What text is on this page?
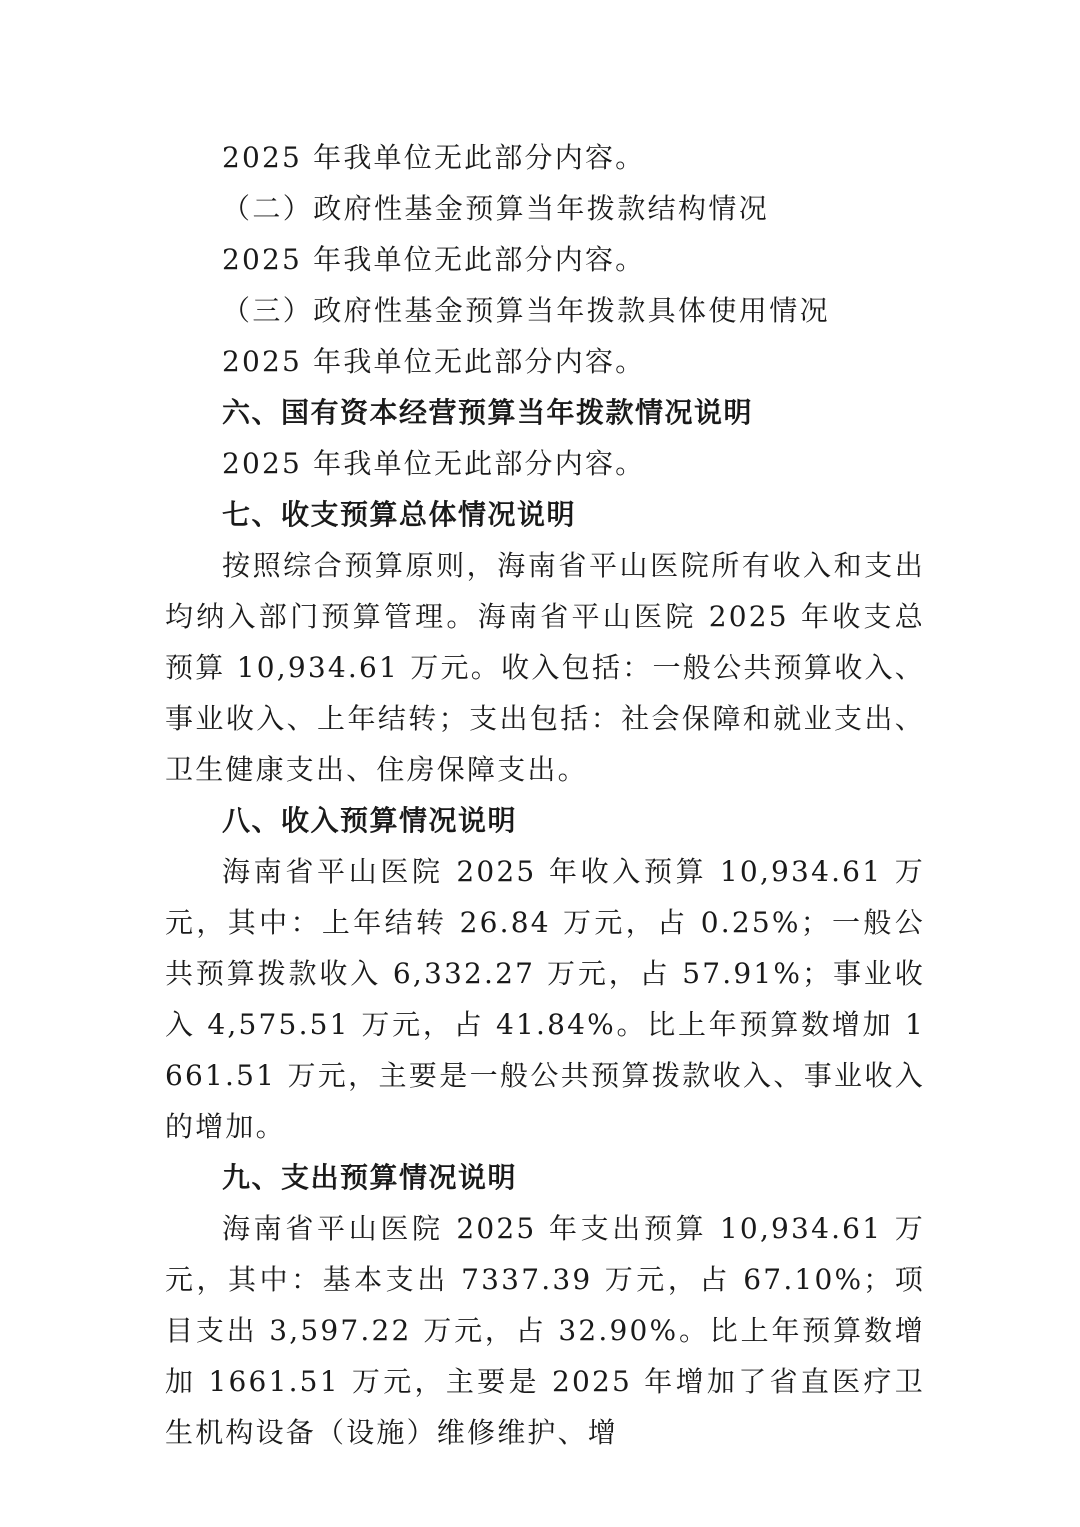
2025 年我单位无此部分内容。

（二）政府性基金预算当年拨款结构情况

2025 年我单位无此部分内容。

（三）政府性基金预算当年拨款具体使用情况

2025 年我单位无此部分内容。

六、国有资本经营预算当年拨款情况说明

2025 年我单位无此部分内容。

七、收支预算总体情况说明

按照综合预算原则，海南省平山医院所有收入和支出均纳入部门预算管理。海南省平山医院 2025 年收支总预算 10,934.61 万元。收入包括：一般公共预算收入、事业收入、上年结转；支出包括：社会保障和就业支出、卫生健康支出、住房保障支出。

八、收入预算情况说明

海南省平山医院 2025 年收入预算 10,934.61 万元，其中：上年结转 26.84 万元，占 0.25%；一般公共预算拨款收入 6,332.27 万元，占 57.91%；事业收入 4,575.51 万元，占 41.84%。比上年预算数增加 1661.51 万元，主要是一般公共预算拨款收入、事业收入的增加。

九、支出预算情况说明

海南省平山医院 2025 年支出预算 10,934.61 万元，其中：基本支出 7337.39 万元，占 67.10%；项目支出 3,597.22 万元，占 32.90%。比上年预算数增加 1661.51 万元，主要是 2025 年增加了省直医疗卫生机构设备（设施）维修维护、增
